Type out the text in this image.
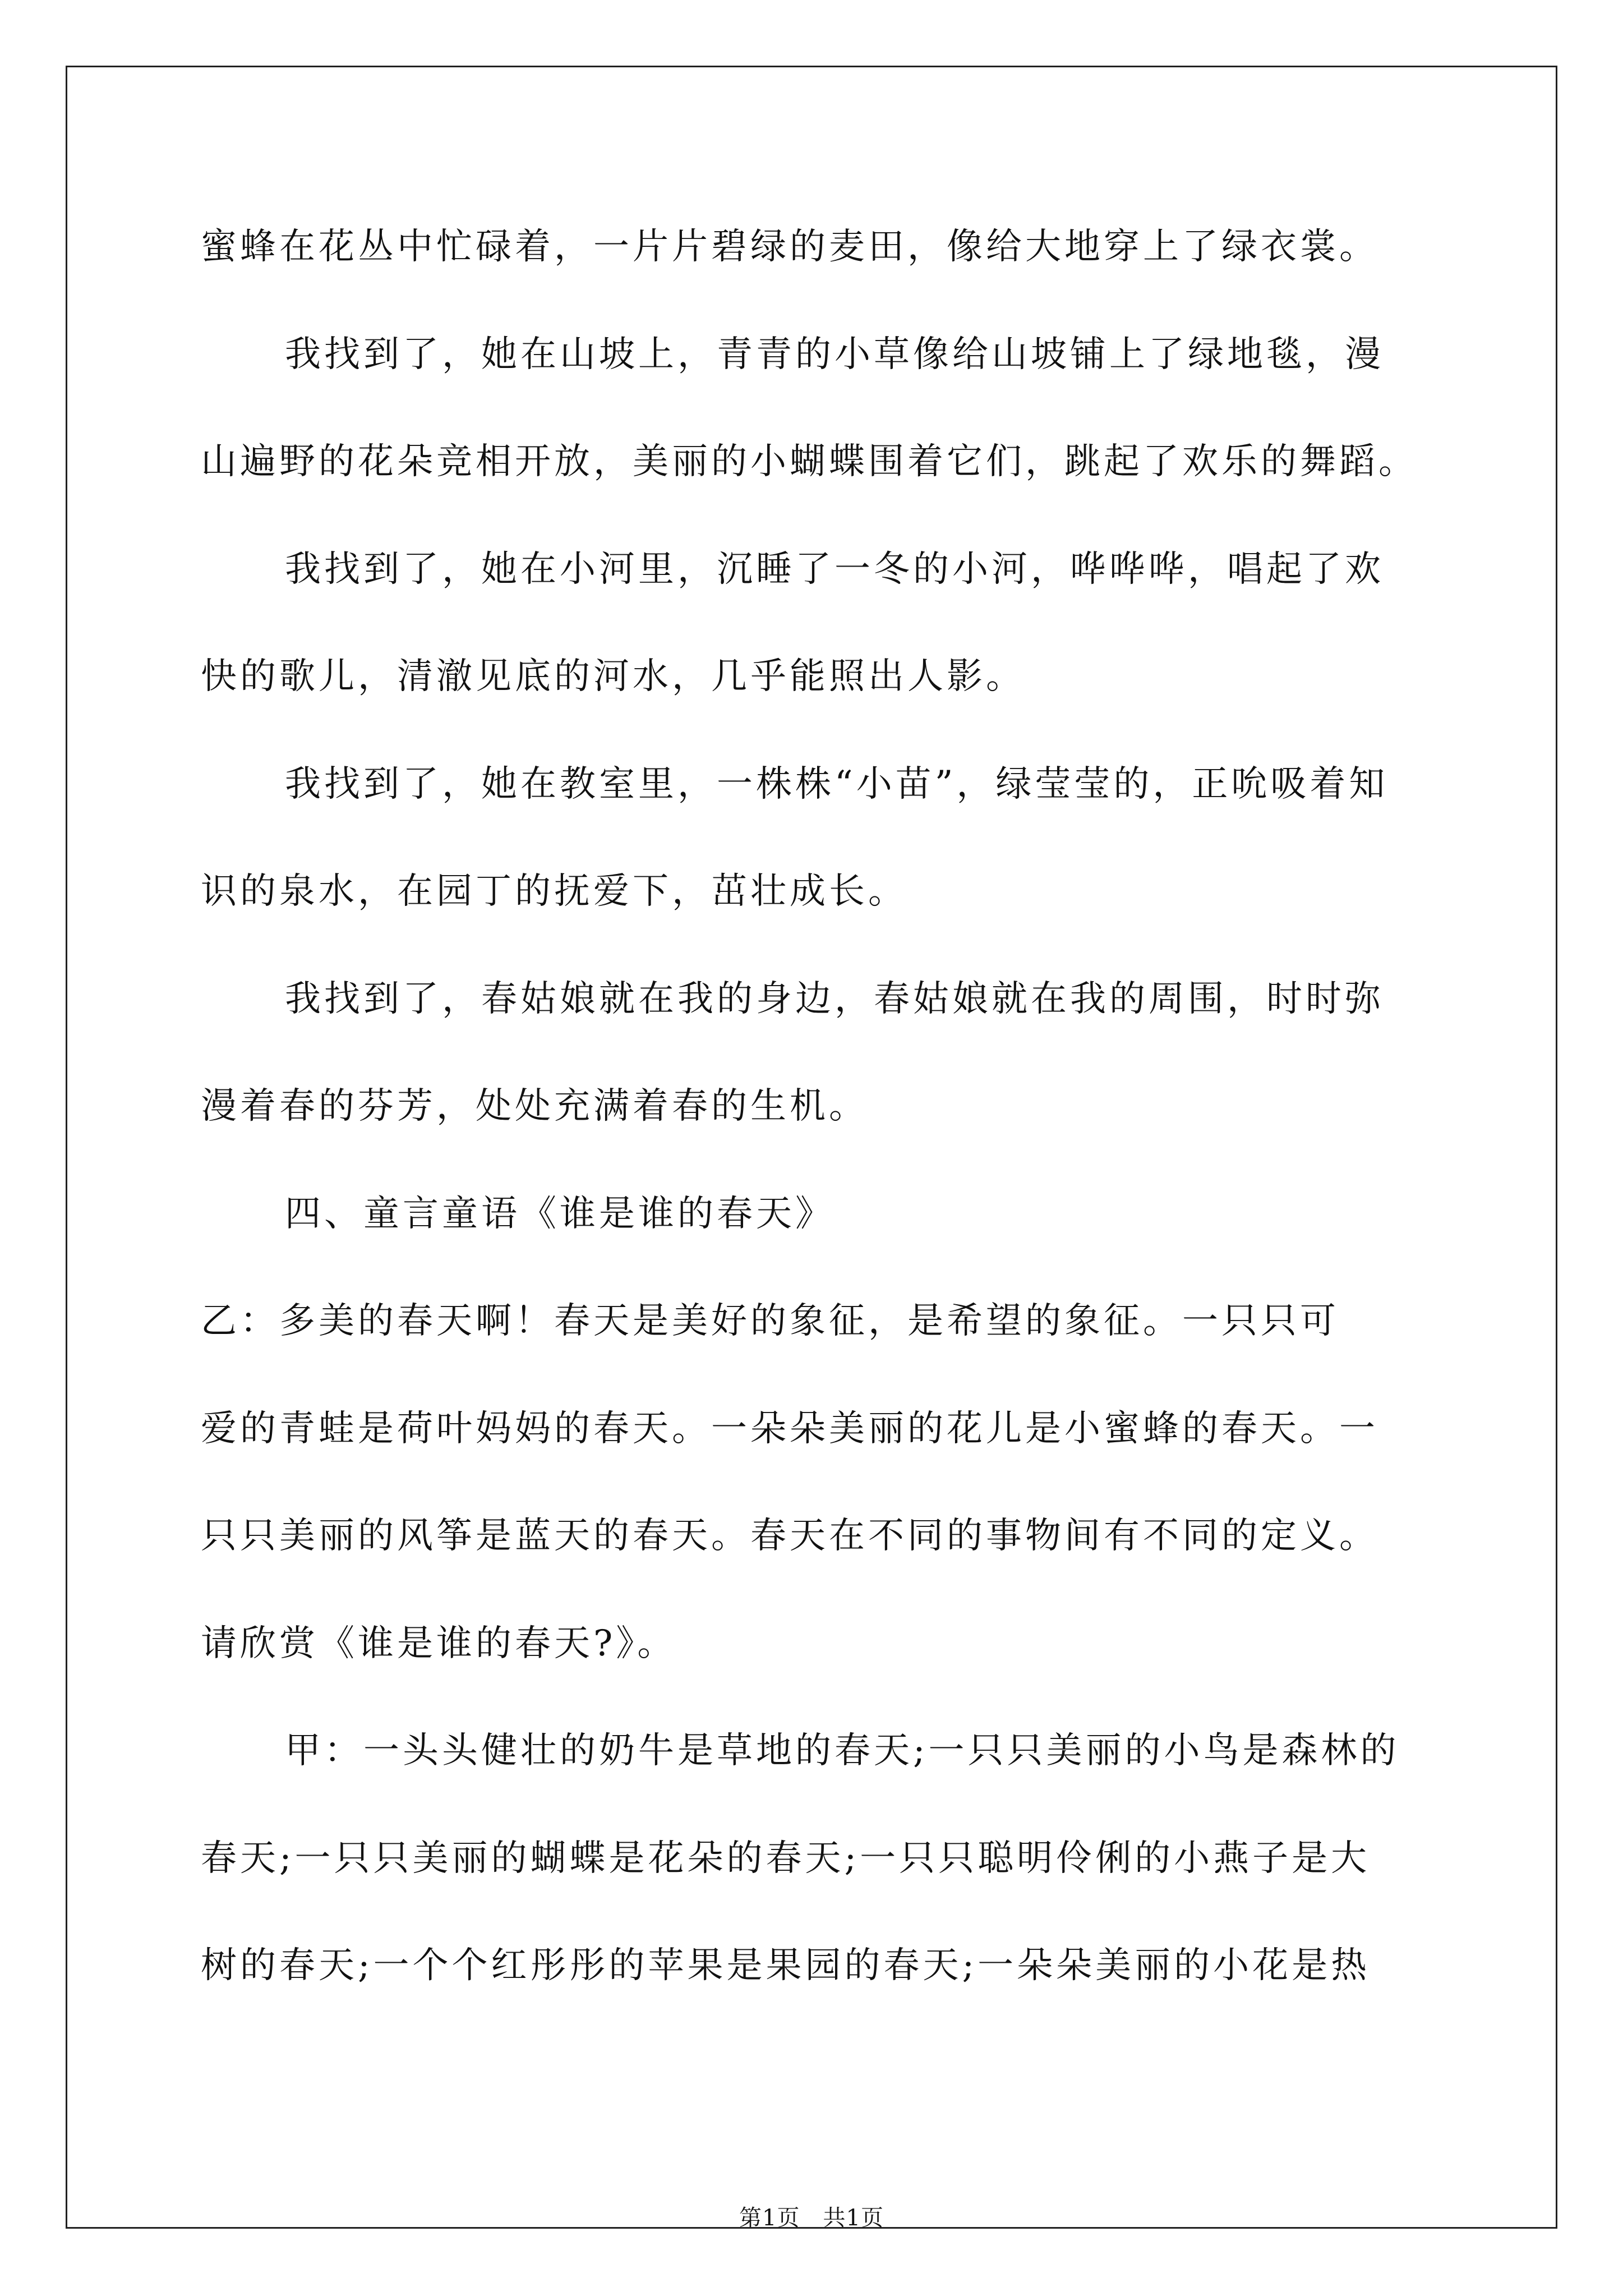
蜜蜂在花丛中忙碌着，一片片碧绿的麦田，像给大地穿上了绿衣裳。
我找到了，她在山坡上，青青的小草像给山坡铺上了绿地毯，漫
山遍野的花朵竞相开放，美丽的小蝴蝶围着它们，跳起了欢乐的舞蹈。
我找到了，她在小河里，沉睡了一冬的小河，哗哗哗，唱起了欢
快的歌儿，清澈见底的河水，几乎能照出人影。
我找到了，她在教室里，一株株“小苗”，绿莹莹的，正吮吸着知
识的泉水，在园丁的抚爱下，茁壮成长。
我找到了，春姑娘就在我的身边，春姑娘就在我的周围，时时弥
漫着春的芬芳，处处充满着春的生机。
四、童言童语《谁是谁的春天》
乙：多美的春天啊！春天是美好的象征，是希望的象征。一只只可
爱的青蛙是荷叶妈妈的春天。一朵朵美丽的花儿是小蜜蜂的春天。一
只只美丽的风筝是蓝天的春天。春天在不同的事物间有不同的定义。
请欣赏《谁是谁的春天?》。
甲：一头头健壮的奶牛是草地的春天;一只只美丽的小鸟是森林的
春天;一只只美丽的蝴蝶是花朵的春天;一只只聪明伶俐的小燕子是大
树的春天;一个个红彤彤的苹果是果园的春天;一朵朵美丽的小花是热
第1页　共1页
